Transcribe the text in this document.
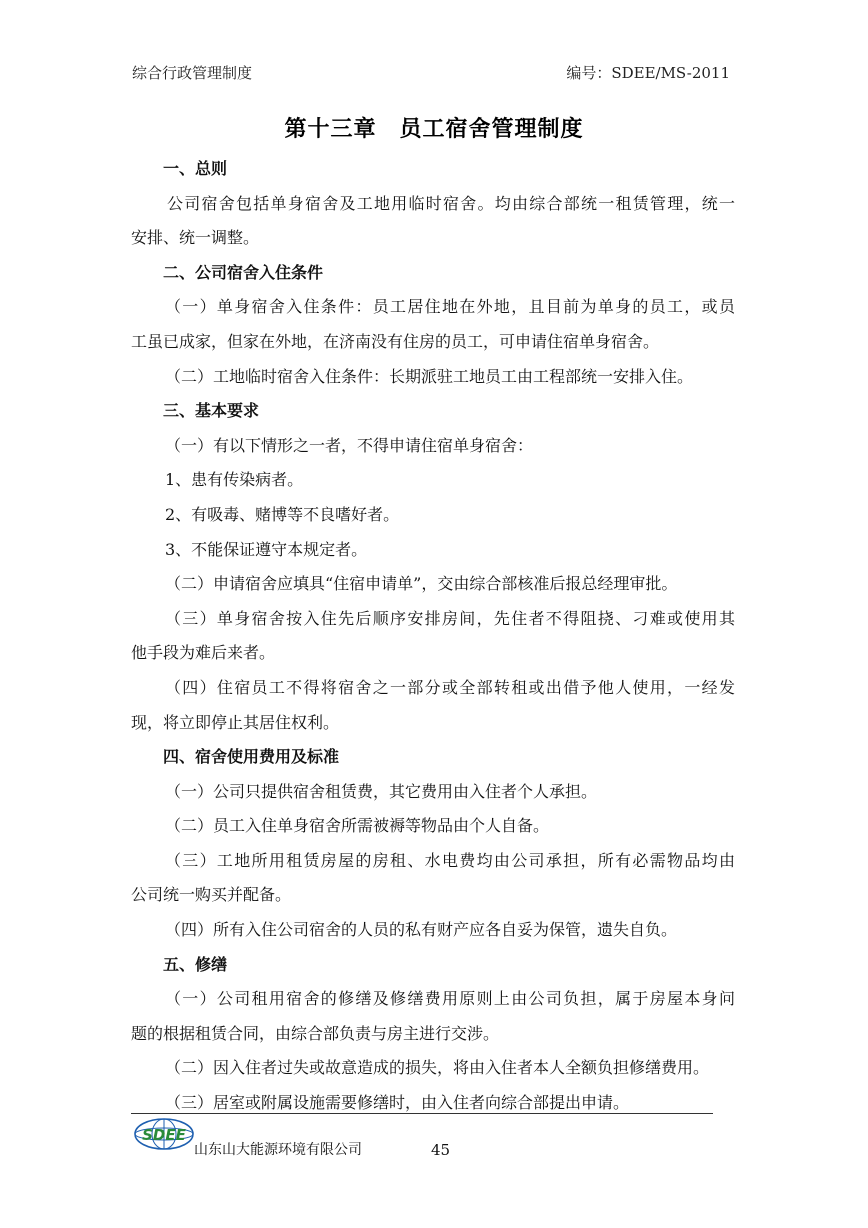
综合行政管理制度	编号：SDEE/MS-2011
第十三章　员工宿舍管理制度

一、总则

公司宿舍包括单身宿舍及工地用临时宿舍。均由综合部统一租赁管理，统一

安排、统一调整。

二、公司宿舍入住条件

（一）单身宿舍入住条件：员工居住地在外地，且目前为单身的员工，或员

工虽已成家，但家在外地，在济南没有住房的员工，可申请住宿单身宿舍。

（二）工地临时宿舍入住条件：长期派驻工地员工由工程部统一安排入住。

三、基本要求

（一）有以下情形之一者，不得申请住宿单身宿舍：

1、患有传染病者。

2、有吸毒、赌博等不良嗜好者。

3、不能保证遵守本规定者。

（二）申请宿舍应填具“住宿申请单”，交由综合部核准后报总经理审批。

（三）单身宿舍按入住先后顺序安排房间，先住者不得阻挠、刁难或使用其

他手段为难后来者。

（四）住宿员工不得将宿舍之一部分或全部转租或出借予他人使用，一经发

现，将立即停止其居住权利。

四、宿舍使用费用及标准

（一）公司只提供宿舍租赁费，其它费用由入住者个人承担。

（二）员工入住单身宿舍所需被褥等物品由个人自备。

（三）工地所用租赁房屋的房租、水电费均由公司承担，所有必需物品均由

公司统一购买并配备。

（四）所有入住公司宿舍的人员的私有财产应各自妥为保管，遗失自负。

五、修缮

（一）公司租用宿舍的修缮及修缮费用原则上由公司负担，属于房屋本身问

题的根据租赁合同，由综合部负责与房主进行交涉。

（二）因入住者过失或故意造成的损失，将由入住者本人全额负担修缮费用。

（三）居室或附属设施需要修缮时，由入住者向综合部提出申请。

SDEE
山东山大能源环境有限公司	45
